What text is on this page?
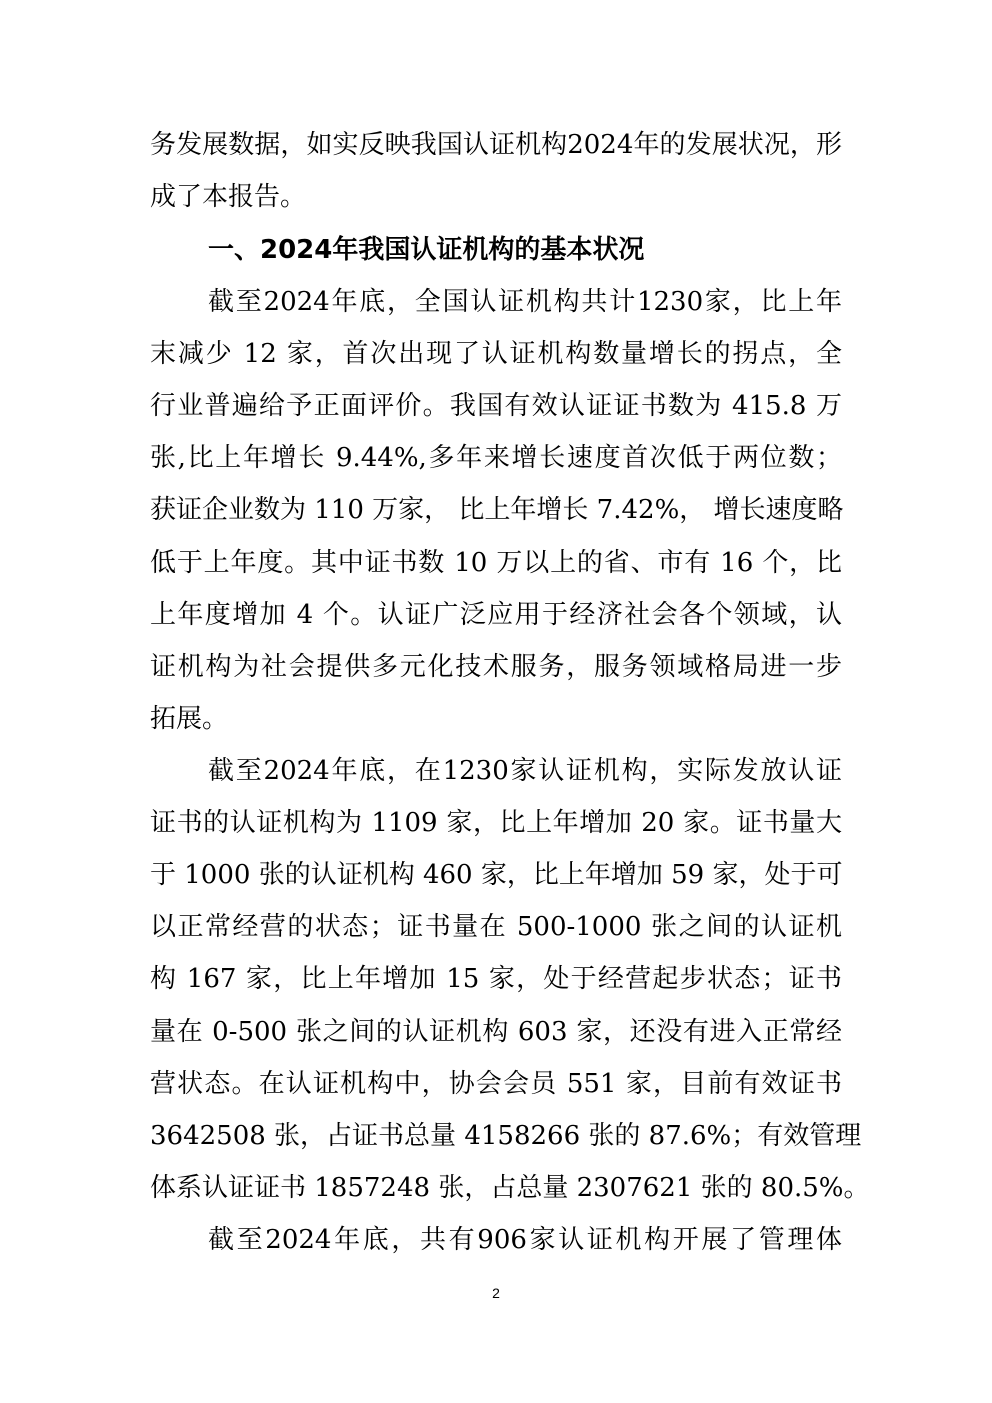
务发展数据，如实反映我国认证机构2024年的发展状况，形
成了本报告。
一、2024年我国认证机构的基本状况
截至2024年底，全国认证机构共计1230家，比上年
末减少 12 家，首次出现了认证机构数量增长的拐点，全
行业普遍给予正面评价。我国有效认证证书数为 415.8 万
张,比上年增长 9.44%,多年来增长速度首次低于两位数；
获证企业数为 110 万家， 比上年增长 7.42%， 增长速度略
低于上年度。其中证书数 10 万以上的省、市有 16 个，比
上年度增加 4 个。认证广泛应用于经济社会各个领域，认
证机构为社会提供多元化技术服务，服务领域格局进一步
拓展。
截至2024年底，在1230家认证机构，实际发放认证
证书的认证机构为 1109 家，比上年增加 20 家。证书量大
于 1000 张的认证机构 460 家，比上年增加 59 家，处于可
以正常经营的状态；证书量在 500-1000 张之间的认证机
构 167 家，比上年增加 15 家，处于经营起步状态；证书
量在 0-500 张之间的认证机构 603 家，还没有进入正常经
营状态。在认证机构中，协会会员 551 家，目前有效证书
3642508 张，占证书总量 4158266 张的 87.6%；有效管理
体系认证证书 1857248 张，占总量 2307621 张的 80.5%。
截至2024年底，共有906家认证机构开展了管理体
2
